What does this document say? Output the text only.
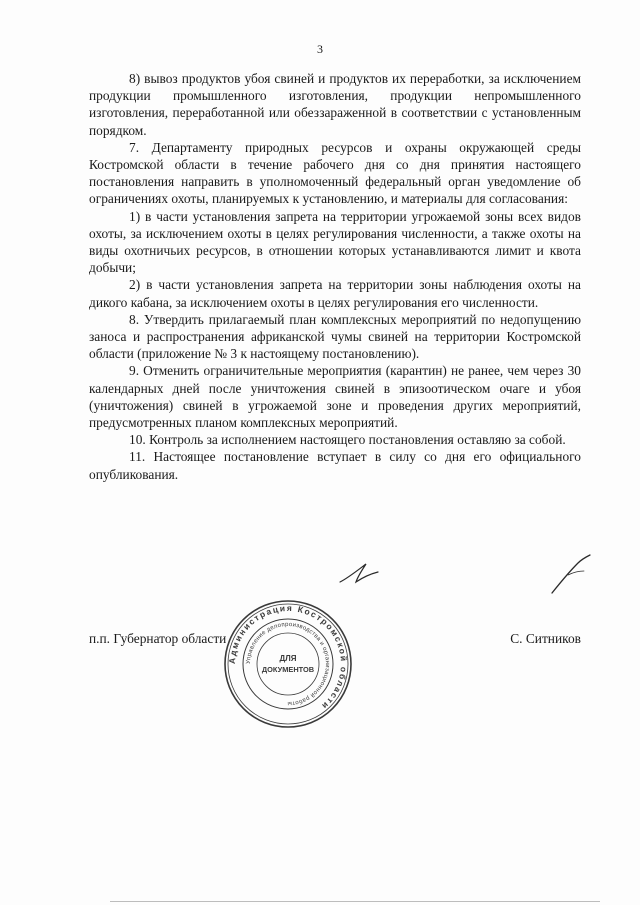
3

8) вывоз продуктов убоя свиней и продуктов их переработки, за исключением продукции промышленного изготовления, продукции непромышленного изготовления, переработанной или обеззараженной в соответствии с установленным порядком.

7. Департаменту природных ресурсов и охраны окружающей среды Костромской области в течение рабочего дня со дня принятия настоящего постановления направить в уполномоченный федеральный орган уведомление об ограничениях охоты, планируемых к установлению, и материалы для согласования:

1) в части установления запрета на территории угрожаемой зоны всех видов охоты, за исключением охоты в целях регулирования численности, а также охоты на виды охотничьих ресурсов, в отношении которых устанавливаются лимит и квота добычи;

2) в части установления запрета на территории зоны наблюдения охоты на дикого кабана, за исключением охоты в целях регулирования его численности.

8. Утвердить прилагаемый план комплексных мероприятий по недопущению заноса и распространения африканской чумы свиней на территории Костромской области (приложение № 3 к настоящему постановлению).

9. Отменить ограничительные мероприятия (карантин) не ранее, чем через 30 календарных дней после уничтожения свиней в эпизоотическом очаге и убоя (уничтожения) свиней в угрожаемой зоне и проведения других мероприятий, предусмотренных планом комплексных мероприятий.

10. Контроль за исполнением настоящего постановления оставляю за собой.

11. Настоящее постановление вступает в силу со дня его официального опубликования.

п.п. Губернатор области	С. Ситников
Администрация Костромской области
Управление делопроизводства и организационной работы
ДЛЯ
ДОКУМЕНТОВ
